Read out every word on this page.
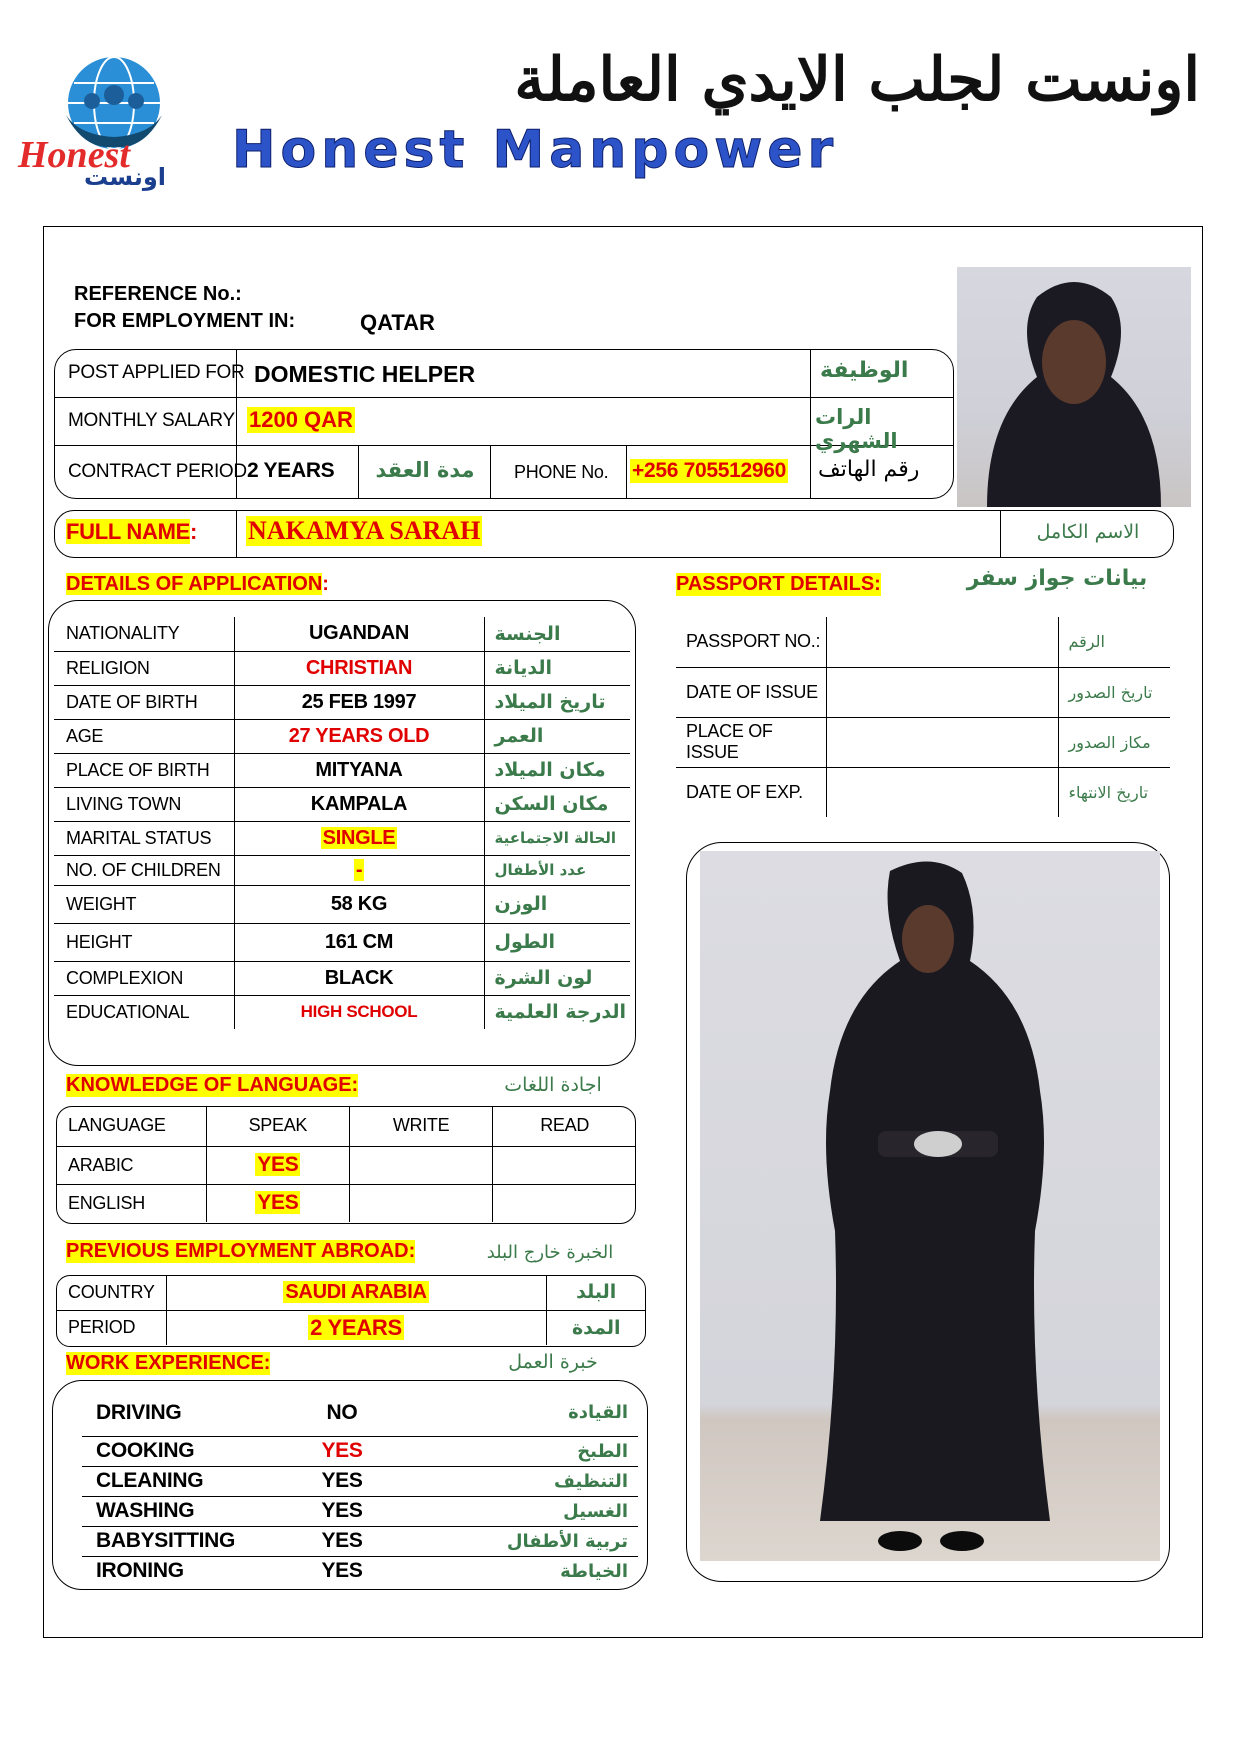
Honest
اونست
اونست لجلب الايدي العاملة
Honest Manpower
REFERENCE No.:
FOR EMPLOYMENT IN:	QATAR
POST APPLIED FOR DOMESTIC HELPER	الوظيفة
MONTHLY SALARY 1200 QAR	الرات الشهري
CONTRACT PERIOD 2 YEARS	مدة العقد	PHONE No. +256 705512960 رقم الهاتف
FULL NAME: NAKAMYA SARAH	الاسم الكامل
DETAILS OF APPLICATION:
NATIONALITY	UGANDAN	الجنسة
RELIGION	CHRISTIAN	الديانة
DATE OF BIRTH	25 FEB 1997	تاريخ الميلاد
AGE	27 YEARS OLD	العمر
PLACE OF BIRTH	MITYANA	مكان الميلاد
LIVING TOWN	KAMPALA	مكان السكن
MARITAL STATUS	SINGLE	الحالة الاجتماعية
NO. OF CHILDREN	-	عدد الأطفال
WEIGHT	58 KG	الوزن
HEIGHT	161 CM	الطول
COMPLEXION	BLACK	لون الشرة
EDUCATIONAL	HIGH SCHOOL	الدرجة العلمية
PASSPORT DETAILS:	بيانات جواز سفر
PASSPORT NO.:		الرقم
DATE OF ISSUE		تاريخ الصدور
PLACE OF ISSUE		مكاز الصدور
DATE OF EXP.		تاريخ الانتهاء
KNOWLEDGE OF LANGUAGE:	اجادة اللغات
LANGUAGE	SPEAK	WRITE	READ
ARABIC	YES		
ENGLISH	YES		
PREVIOUS EMPLOYMENT ABROAD:	الخبرة خارج البلد
COUNTRY	SAUDI ARABIA	البلد
PERIOD	2 YEARS	المدة
WORK EXPERIENCE:	خبرة العمل
DRIVING	NO	القيادة
COOKING	YES	الطبخ
CLEANING	YES	التنظيف
WASHING	YES	الغسيل
BABYSITTING	YES	تربية الأطفال
IRONING	YES	الخياطة
